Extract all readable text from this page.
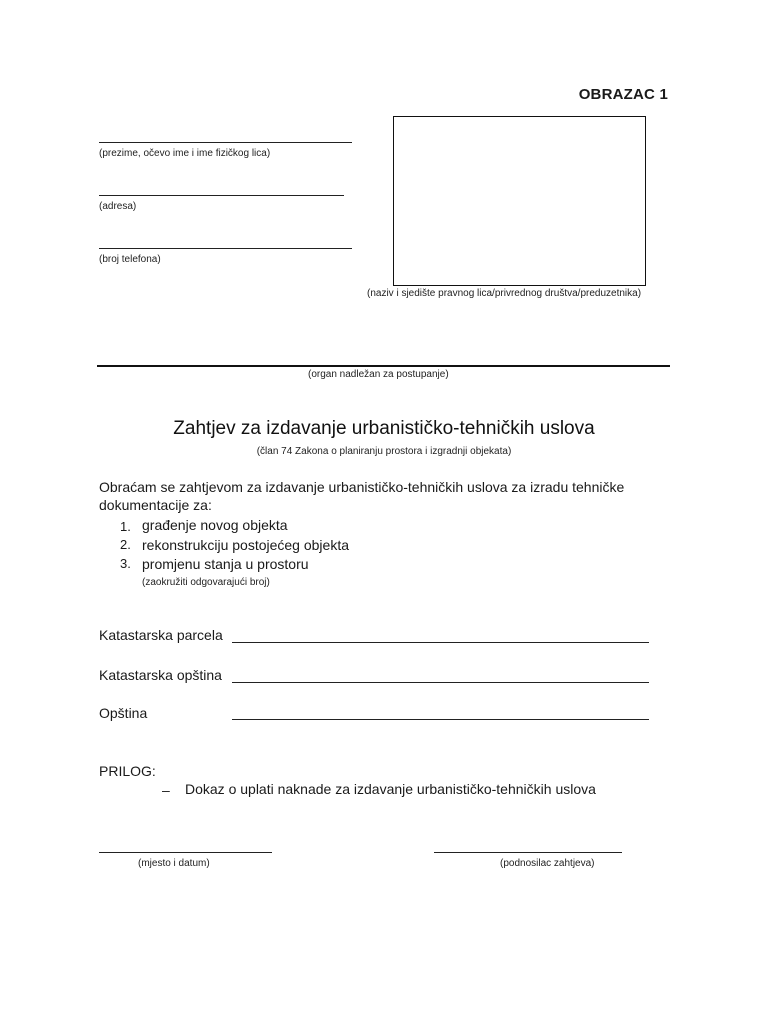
OBRAZAC 1
(prezime, očevo ime i ime fizičkog lica)
(adresa)
(broj telefona)
(naziv i sjedište pravnog lica/privrednog društva/preduzetnika)
(organ nadležan za postupanje)
Zahtjev za izdavanje urbanističko-tehničkih uslova
(član 74 Zakona o planiranju prostora i izgradnji objekata)
Obraćam se zahtjevom za izdavanje urbanističko-tehničkih uslova za izradu tehničke
dokumentacije za:
1. građenje novog objekta
2. rekonstrukciju postojećeg objekta
3. promjenu stanja u prostoru
(zaokružiti odgovarajući broj)
Katastarska parcela
Katastarska opština
Opština
PRILOG:
– Dokaz o uplati naknade za izdavanje urbanističko-tehničkih uslova
(mjesto i datum)	(podnosilac zahtjeva)
